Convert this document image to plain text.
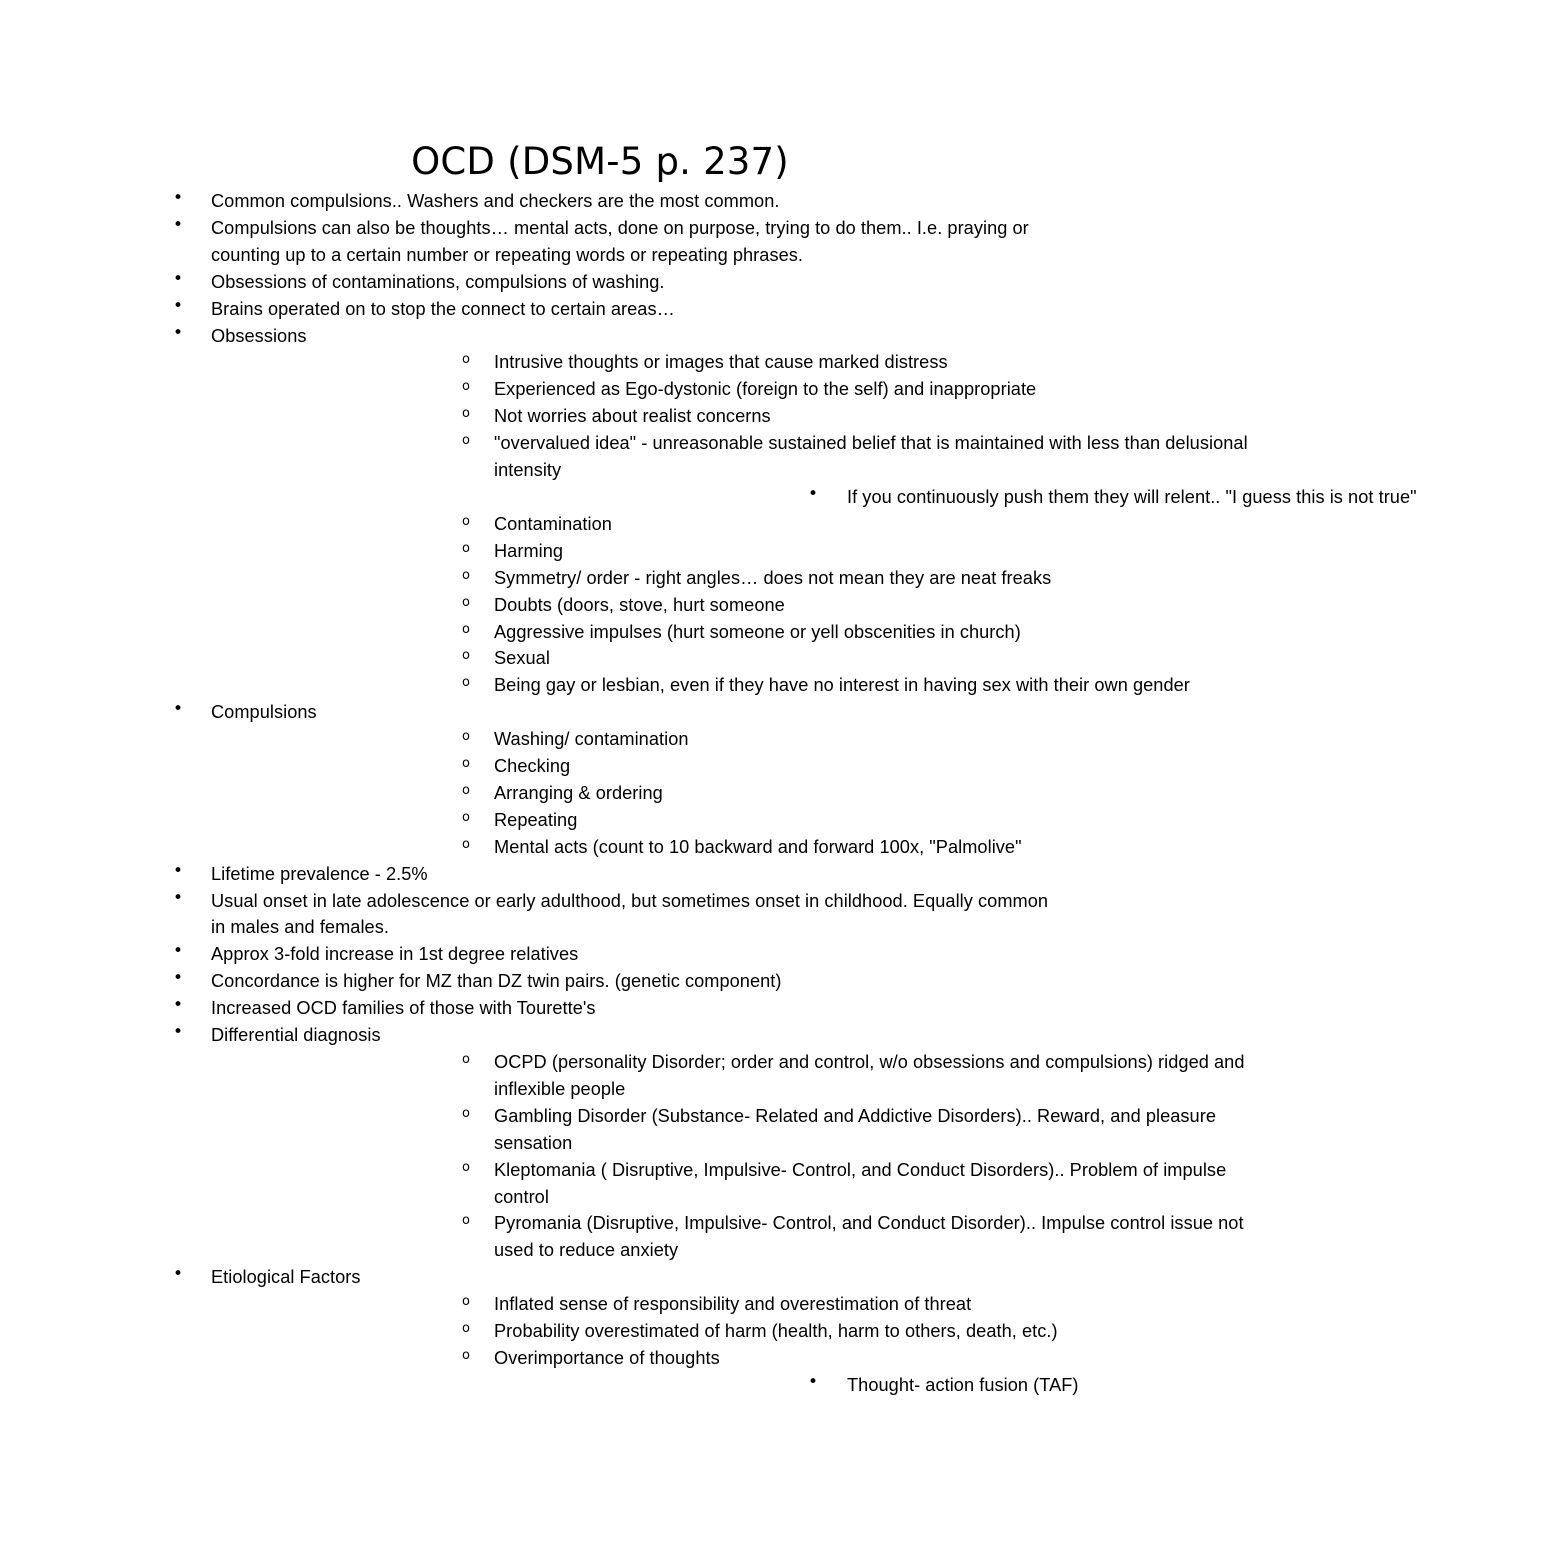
OCD (DSM-5 p. 237)
• Common compulsions.. Washers and checkers are the most common.
• Compulsions can also be thoughts… mental acts, done on purpose, trying to do them.. I.e. praying or counting up to a certain number or repeating words or repeating phrases.
• Obsessions of contaminations, compulsions of washing.
• Brains operated on to stop the connect to certain areas…
• Obsessions
o Intrusive thoughts or images that cause marked distress
o Experienced as Ego-dystonic (foreign to the self) and inappropriate
o Not worries about realist concerns
o "overvalued idea" - unreasonable sustained belief that is maintained with less than delusional intensity
• If you continuously push them they will relent.. "I guess this is not true"
o Contamination
o Harming
o Symmetry/ order - right angles… does not mean they are neat freaks
o Doubts (doors, stove, hurt someone
o Aggressive impulses (hurt someone or yell obscenities in church)
o Sexual
o Being gay or lesbian, even if they have no interest in having sex with their own gender
• Compulsions
o Washing/ contamination
o Checking
o Arranging & ordering
o Repeating
o Mental acts (count to 10 backward and forward 100x, "Palmolive"
• Lifetime prevalence - 2.5%
• Usual onset in late adolescence or early adulthood, but sometimes onset in childhood. Equally common in males and females.
• Approx 3-fold increase in 1st degree relatives
• Concordance is higher for MZ than DZ twin pairs. (genetic component)
• Increased OCD families of those with Tourette's
• Differential diagnosis
o OCPD (personality Disorder; order and control, w/o obsessions and compulsions) ridged and inflexible people
o Gambling Disorder (Substance- Related and Addictive Disorders).. Reward, and pleasure sensation
o Kleptomania ( Disruptive, Impulsive- Control, and Conduct Disorders).. Problem of impulse control
o Pyromania (Disruptive, Impulsive- Control, and Conduct Disorder).. Impulse control issue not used to reduce anxiety
• Etiological Factors
o Inflated sense of responsibility and overestimation of threat
o Probability overestimated of harm (health, harm to others, death, etc.)
o Overimportance of thoughts
• Thought- action fusion (TAF)
